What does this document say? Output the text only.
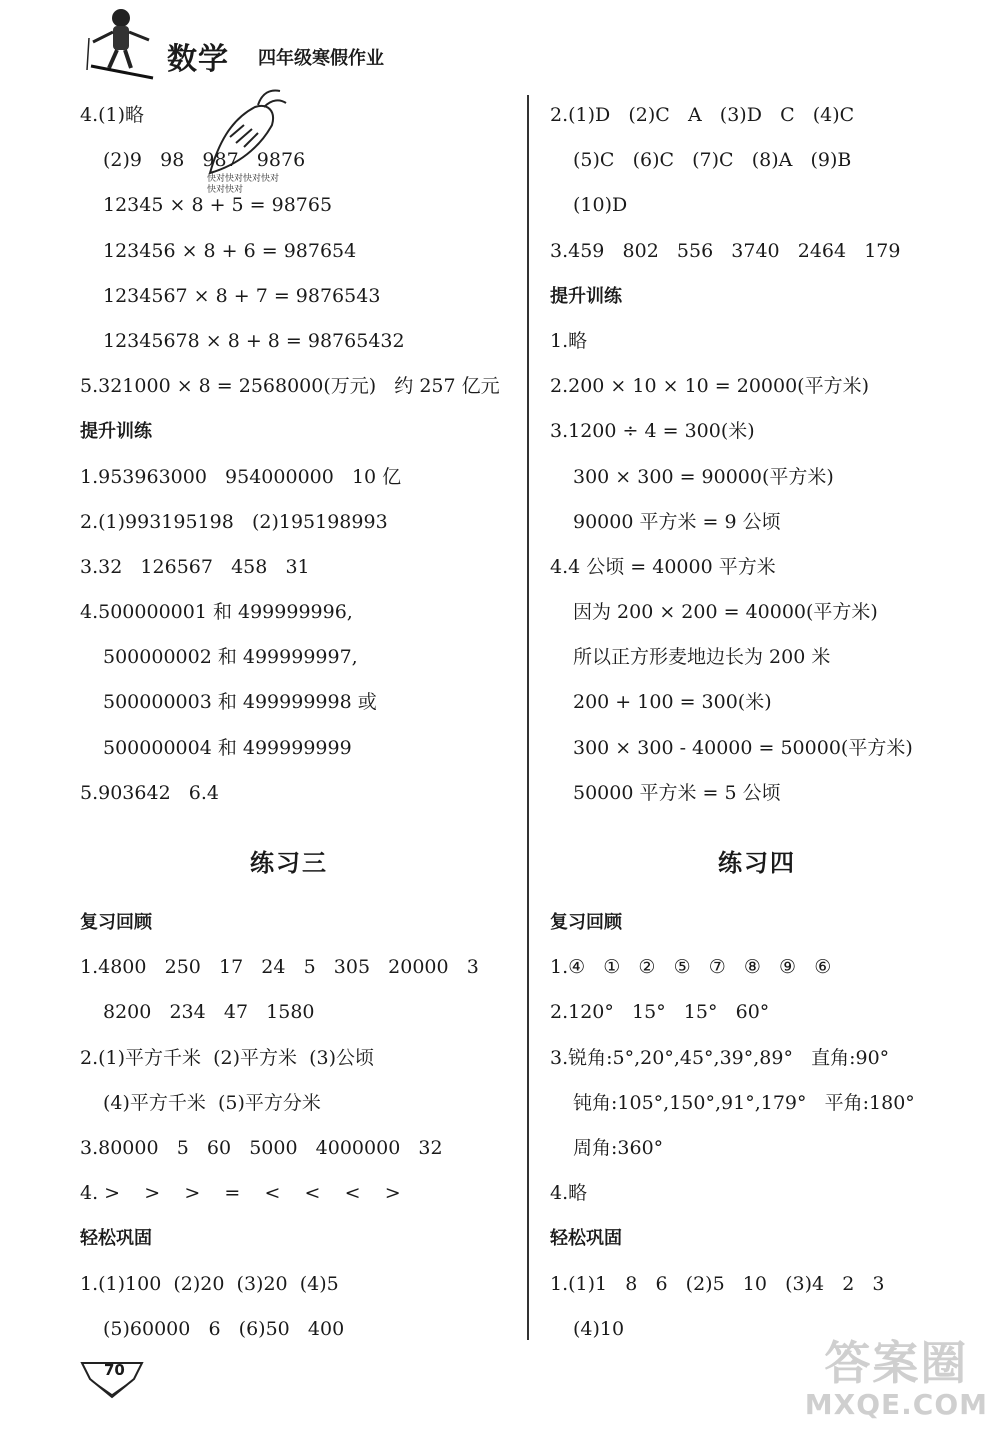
数学 四年级寒假作业
快对快对快对快对快对快对
4.(1)略
(2)9   98   987   9876
12345 × 8 + 5 = 98765
123456 × 8 + 6 = 987654
1234567 × 8 + 7 = 9876543
12345678 × 8 + 8 = 98765432
5.321000 × 8 = 2568000(万元)   约 257 亿元
提升训练
1.953963000   954000000   10 亿
2.(1)993195198   (2)195198993
3.32   126567   458   31
4.500000001 和 499999996,
500000002 和 499999997,
500000003 和 499999998 或
500000004 和 499999999
5.903642   6.4
2.(1)D   (2)C   A   (3)D   C   (4)C
(5)C   (6)C   (7)C   (8)A   (9)B
(10)D
3.459   802   556   3740   2464   179
提升训练
1.略
2.200 × 10 × 10 = 20000(平方米)
3.1200 ÷ 4 = 300(米)
300 × 300 = 90000(平方米)
90000 平方米 = 9 公顷
4.4 公顷 = 40000 平方米
因为 200 × 200 = 40000(平方米)
所以正方形麦地边长为 200 米
200 + 100 = 300(米)
300 × 300 - 40000 = 50000(平方米)
50000 平方米 = 5 公顷
练习三	练习四
复习回顾
1.4800   250   17   24   5   305   20000   3
8200   234   47   1580
2.(1)平方千米  (2)平方米  (3)公顷
(4)平方千米  (5)平方分米
3.80000   5   60   5000   4000000   32
4. >    >    >    =    <    <    <    >
轻松巩固
1.(1)100  (2)20  (3)20  (4)5
(5)60000   6   (6)50   400
复习回顾
1.④   ①   ②   ⑤   ⑦   ⑧   ⑨   ⑥
2.120°   15°   15°   60°
3.锐角:5°,20°,45°,39°,89°   直角:90°
钝角:105°,150°,91°,179°   平角:180°
周角:360°
4.略
轻松巩固
1.(1)1   8   6   (2)5   10   (3)4   2   3
(4)10
70	答案圈
MXQE.COM
